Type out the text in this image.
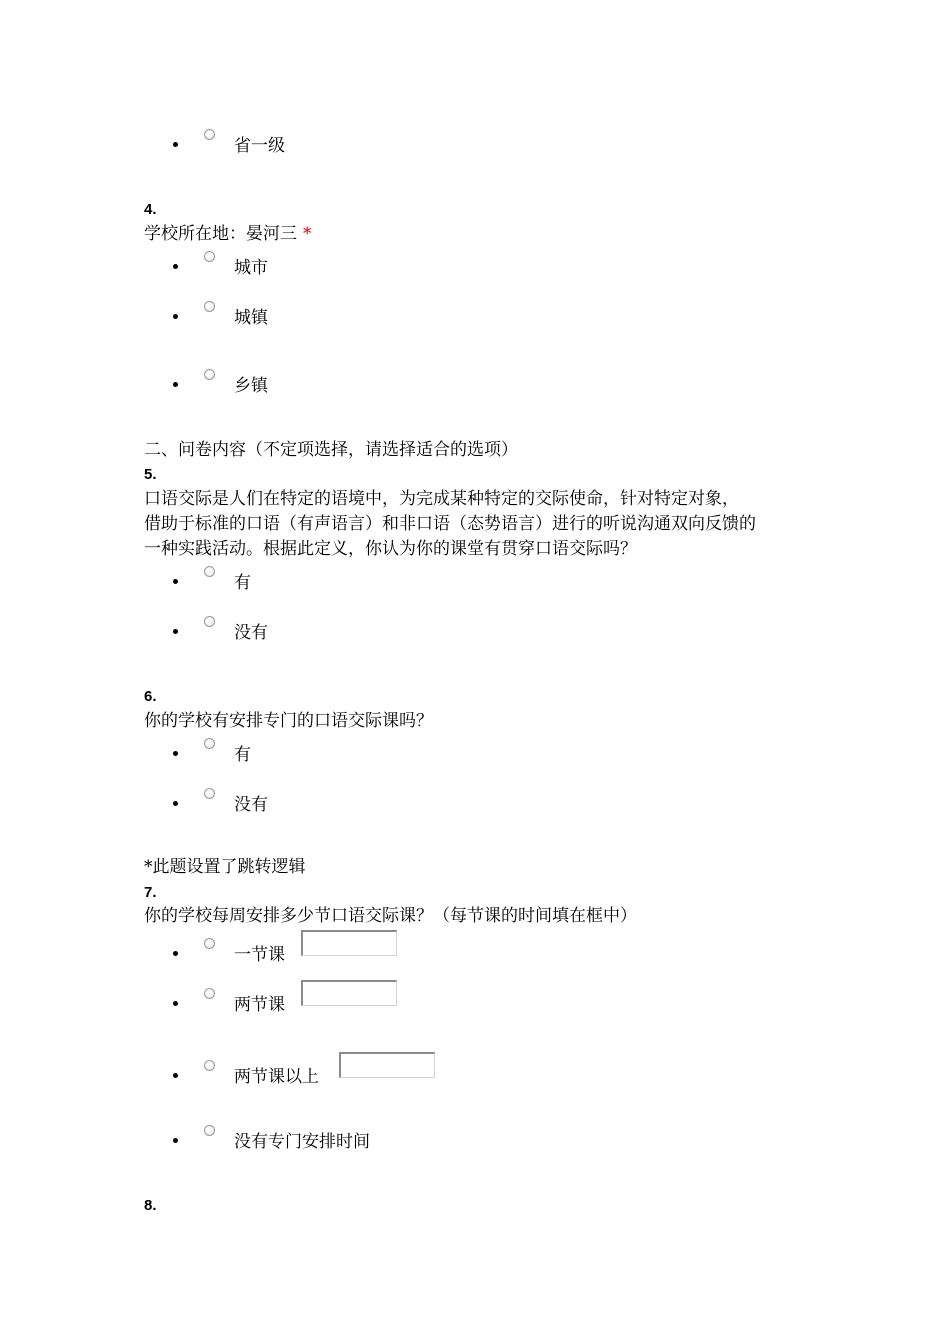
省一级
4.
学校所在地：晏河三 *
城市
城镇
乡镇
二、问卷内容（不定项选择，请选择适合的选项）
5.
口语交际是人们在特定的语境中，为完成某种特定的交际使命，针对特定对象，
借助于标准的口语（有声语言）和非口语（态势语言）进行的听说沟通双向反馈的
一种实践活动。根据此定义，你认为你的课堂有贯穿口语交际吗？
有
没有
6.
你的学校有安排专门的口语交际课吗？
有
没有
*此题设置了跳转逻辑
7.
你的学校每周安排多少节口语交际课？（每节课的时间填在框中）
一节课
两节课
两节课以上
没有专门安排时间
8.
